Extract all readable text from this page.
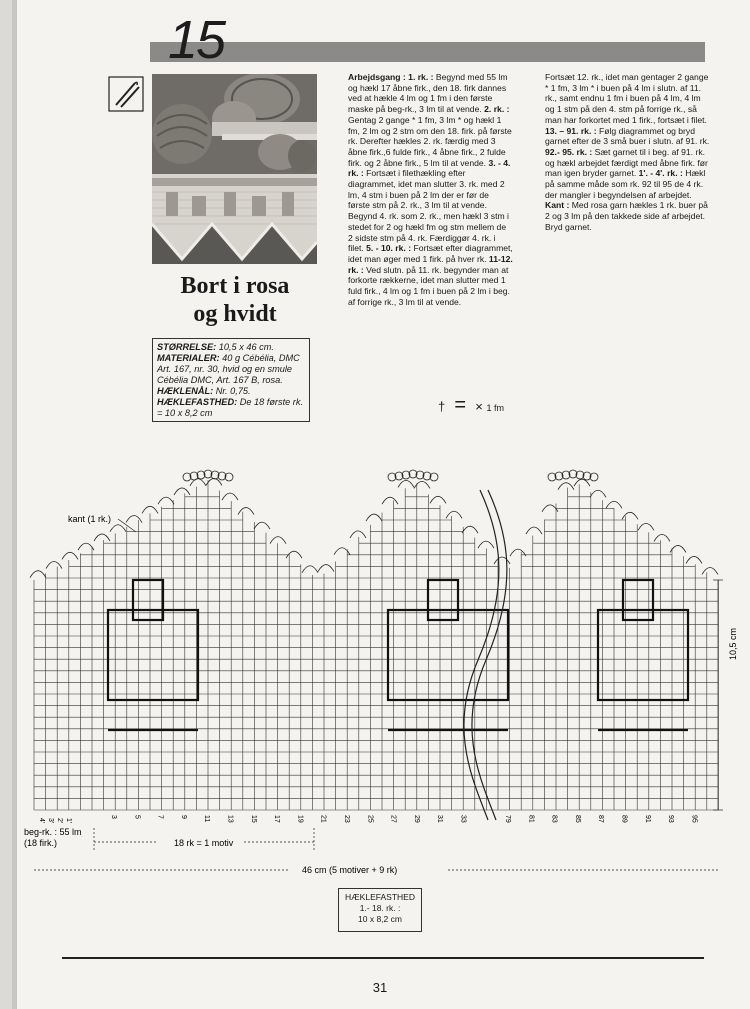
15
Bort i rosa
og hvidt
STØRRELSE: 10,5 x 46 cm.
MATERIALER: 40 g Cébélia, DMC Art. 167, nr. 30, hvid og en smule Cébélia DMC, Art. 167 B, rosa.
HÆKLENÅL: Nr. 0,75.
HÆKLEFASTHED: De 18 første rk. = 10 x 8,2 cm
Arbejdsgang : 1. rk. : Begynd med 55 lm og hækl 17 åbne firk., den 18. firk dannes ved at hækle 4 lm og 1 fm i den første maske på beg-rk., 3 lm til at vende. 2. rk. : Gentag 2 gange * 1 fm, 3 lm * og hækl 1 fm, 2 lm og 2 stm om den 18. firk. på første rk. Derefter hækles 2. rk. færdig med 3 åbne firk.,6 fulde firk., 4 åbne firk., 2 fulde firk. og 2 åbne firk., 5 lm til at vende. 3. - 4. rk. : Fortsæt i filethækling efter diagrammet, idet man slutter 3. rk. med 2 lm, 4 stm i buen på 2 lm der er før de første stm på 2. rk., 3 lm til at vende. Begynd 4. rk. som 2. rk., men hækl 3 stm i stedet for 2 og hækl fm og stm mellem de 2 sidste stm på 4. rk. Færdiggør 4. rk. i filet. 5. - 10. rk. : Fortsæt efter diagrammet, idet man øger med 1 firk. på hver rk. 11-12. rk. : Ved slutn. på 11. rk. begynder man at forkorte rækkerne, idet man slutter med 1 fuld firk., 4 lm og 1 fm i buen på 2 lm i beg. af forrige rk., 3 lm til at vende.
Fortsæt 12. rk., idet man gentager 2 gange * 1 fm, 3 lm * i buen på 4 lm i slutn. af 11. rk., samt endnu 1 fm i buen på 4 lm, 4 lm og 1 stm på den 4. stm på forrige rk., så man har forkortet med 1 firk., fortsæt i filet. 13. – 91. rk. : Følg diagrammet og bryd garnet efter de 3 små buer i slutn. af 91. rk. 92.- 95. rk. : Sæt garnet til i beg. af 91. rk. og hækl arbejdet færdigt med åbne firk. før man igen bryder garnet. 1'. - 4'. rk. : Hækl på samme måde som rk. 92 til 95 de 4 rk. der mangler i begyndelsen af arbejdet. Kant : Med rosa garn hækles 1 rk. buer på 2 og 3 lm på den takkede side af arbejdet. Bryd garnet.
†  =  × 1 fm
kant (1 rk.)
10,5 cm
4' 3' 2' 1'
3 5 7 9 11 13 15 17 19 21 23 25 27 29 31 33	79 81 83 85 87 89 91 93 95
beg-rk. : 55 lm
(18 firk.)	18 rk = 1 motiv
46 cm (5 motiver + 9 rk)
HÆKLEFASTHED
1.- 18. rk. :
10 x 8,2 cm
31
